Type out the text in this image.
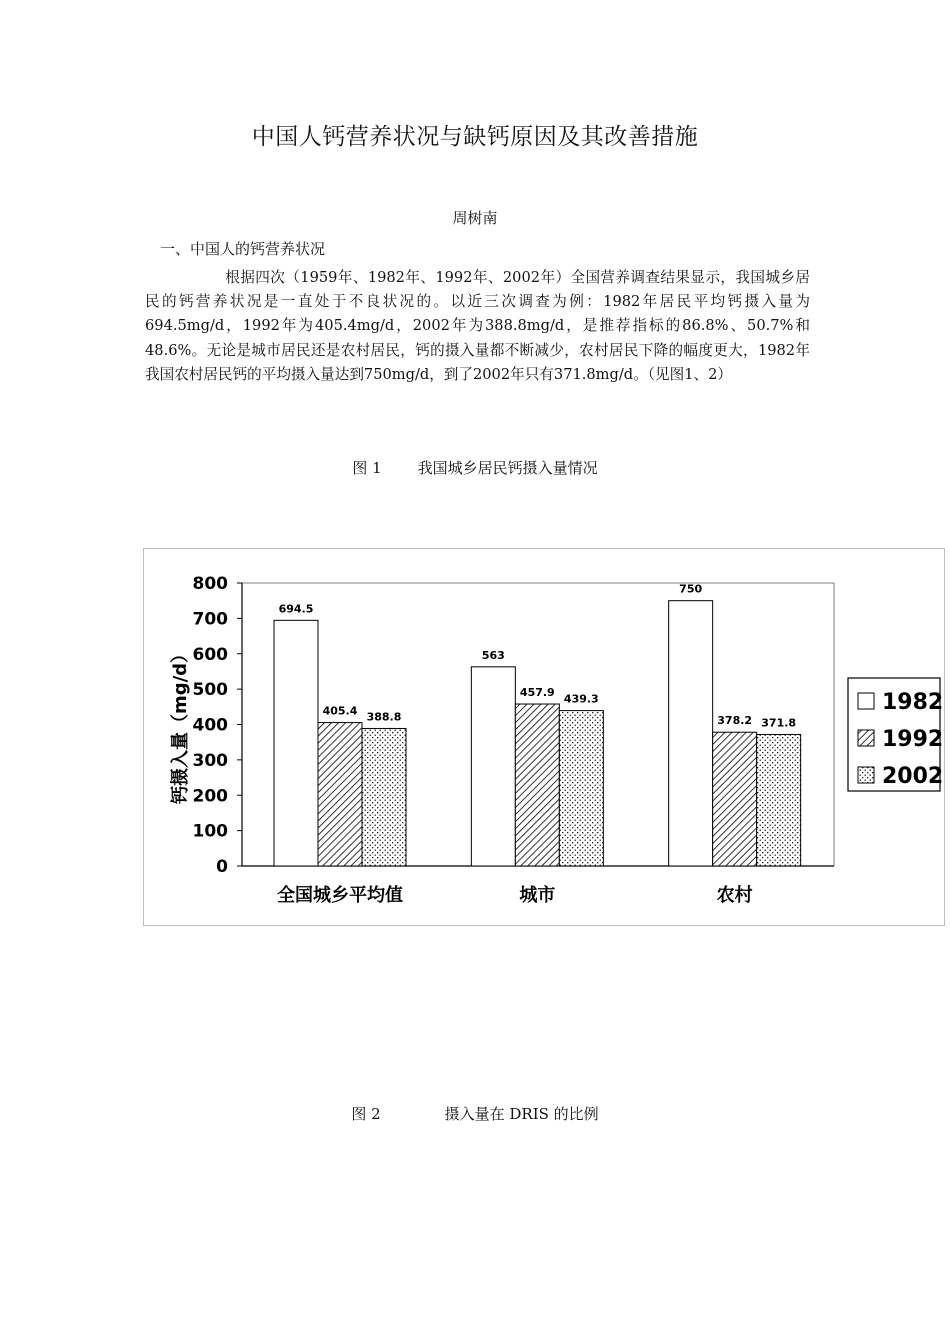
中国人钙营养状况与缺钙原因及其改善措施
周树南
一、中国人的钙营养状况

根据四次（1959年、1982年、1992年、2002年）全国营养调查结果显示，我国城乡居民的钙营养状况是一直处于不良状况的。以近三次调查为例：1982年居民平均钙摄入量为694.5mg/d，1992年为405.4mg/d，2002年为388.8mg/d，是推荐指标的86.8%、50.7%和48.6%。无论是城市居民还是农村居民，钙的摄入量都不断减少，农村居民下降的幅度更大，1982年我国农村居民钙的平均摄入量达到750mg/d，到了2002年只有371.8mg/d。（见图1、2）

图 1 我国城乡居民钙摄入量情况
0
100
200
300
400
500
600
700
800
钙摄入量（mg/d）
694.5
405.4 388.8
全国城乡平均值
563
457.9
439.3
城市
750
378.2 371.8
农村
1982
1992
2002
图 2	摄入量在 DRIS 的比例
